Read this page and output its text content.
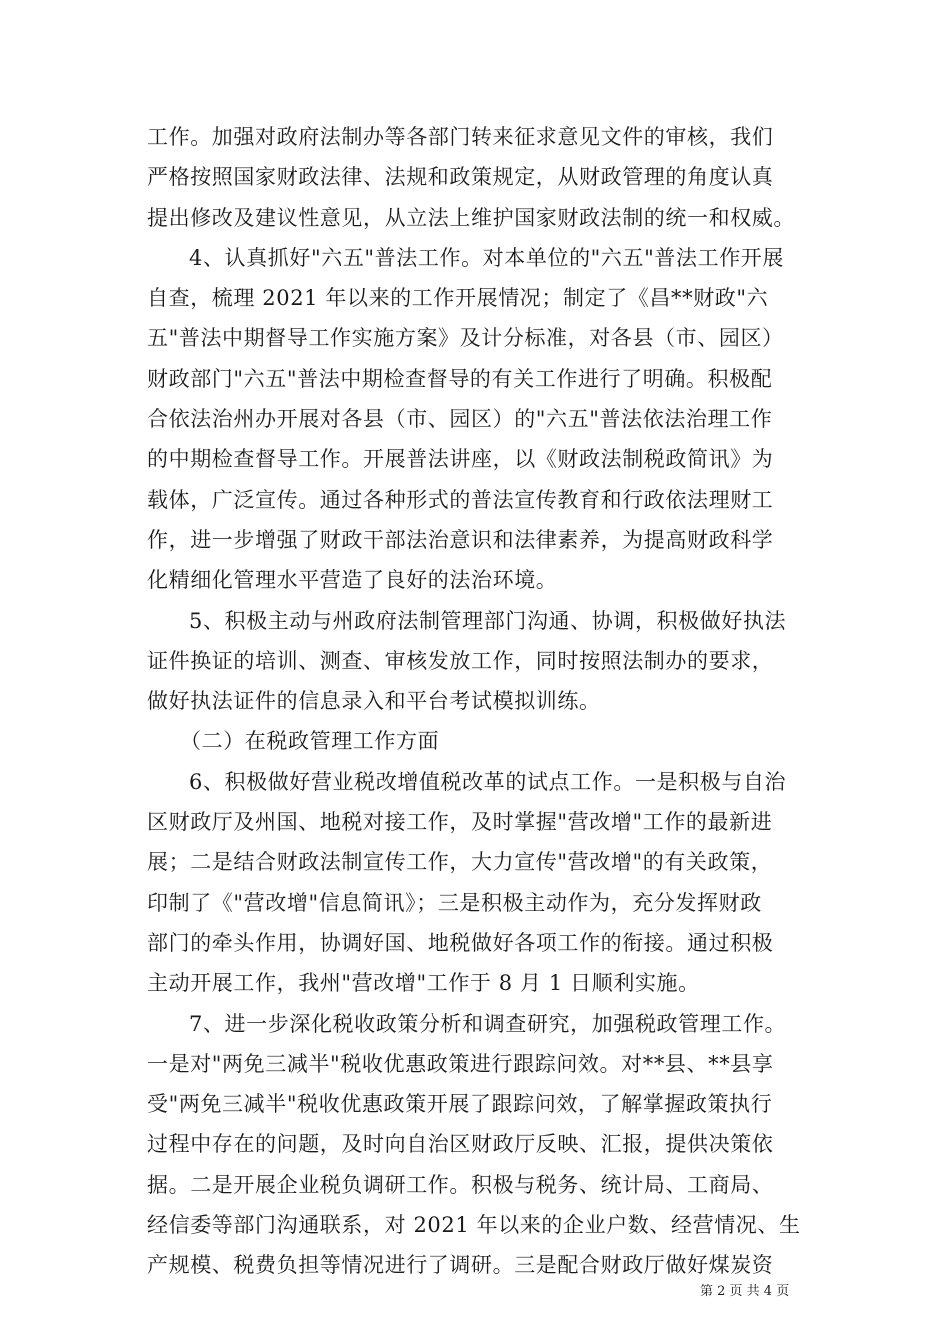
工作。加强对政府法制办等各部门转来征求意见文件的审核，我们
严格按照国家财政法律、法规和政策规定，从财政管理的角度认真
提出修改及建议性意见，从立法上维护国家财政法制的统一和权威。
4、认真抓好"六五"普法工作。对本单位的"六五"普法工作开展
自查，梳理 2021 年以来的工作开展情况；制定了《昌**财政"六
五"普法中期督导工作实施方案》及计分标准，对各县（市、园区）
财政部门"六五"普法中期检查督导的有关工作进行了明确。积极配
合依法治州办开展对各县（市、园区）的"六五"普法依法治理工作
的中期检查督导工作。开展普法讲座，以《财政法制税政简讯》为
载体，广泛宣传。通过各种形式的普法宣传教育和行政依法理财工
作，进一步增强了财政干部法治意识和法律素养，为提高财政科学
化精细化管理水平营造了良好的法治环境。
5、积极主动与州政府法制管理部门沟通、协调，积极做好执法
证件换证的培训、测查、审核发放工作，同时按照法制办的要求，
做好执法证件的信息录入和平台考试模拟训练。
（二）在税政管理工作方面
6、积极做好营业税改增值税改革的试点工作。一是积极与自治
区财政厅及州国、地税对接工作，及时掌握"营改增"工作的最新进
展；二是结合财政法制宣传工作，大力宣传"营改增"的有关政策，
印制了《"营改增"信息简讯》；三是积极主动作为，充分发挥财政
部门的牵头作用，协调好国、地税做好各项工作的衔接。通过积极
主动开展工作，我州"营改增"工作于 8 月 1 日顺利实施。
7、进一步深化税收政策分析和调查研究，加强税政管理工作。
一是对"两免三减半"税收优惠政策进行跟踪问效。对**县、**县享
受"两免三减半"税收优惠政策开展了跟踪问效，了解掌握政策执行
过程中存在的问题，及时向自治区财政厅反映、汇报，提供决策依
据。二是开展企业税负调研工作。积极与税务、统计局、工商局、
经信委等部门沟通联系，对 2021 年以来的企业户数、经营情况、生
产规模、税费负担等情况进行了调研。三是配合财政厅做好煤炭资
第 2 页 共 4 页
